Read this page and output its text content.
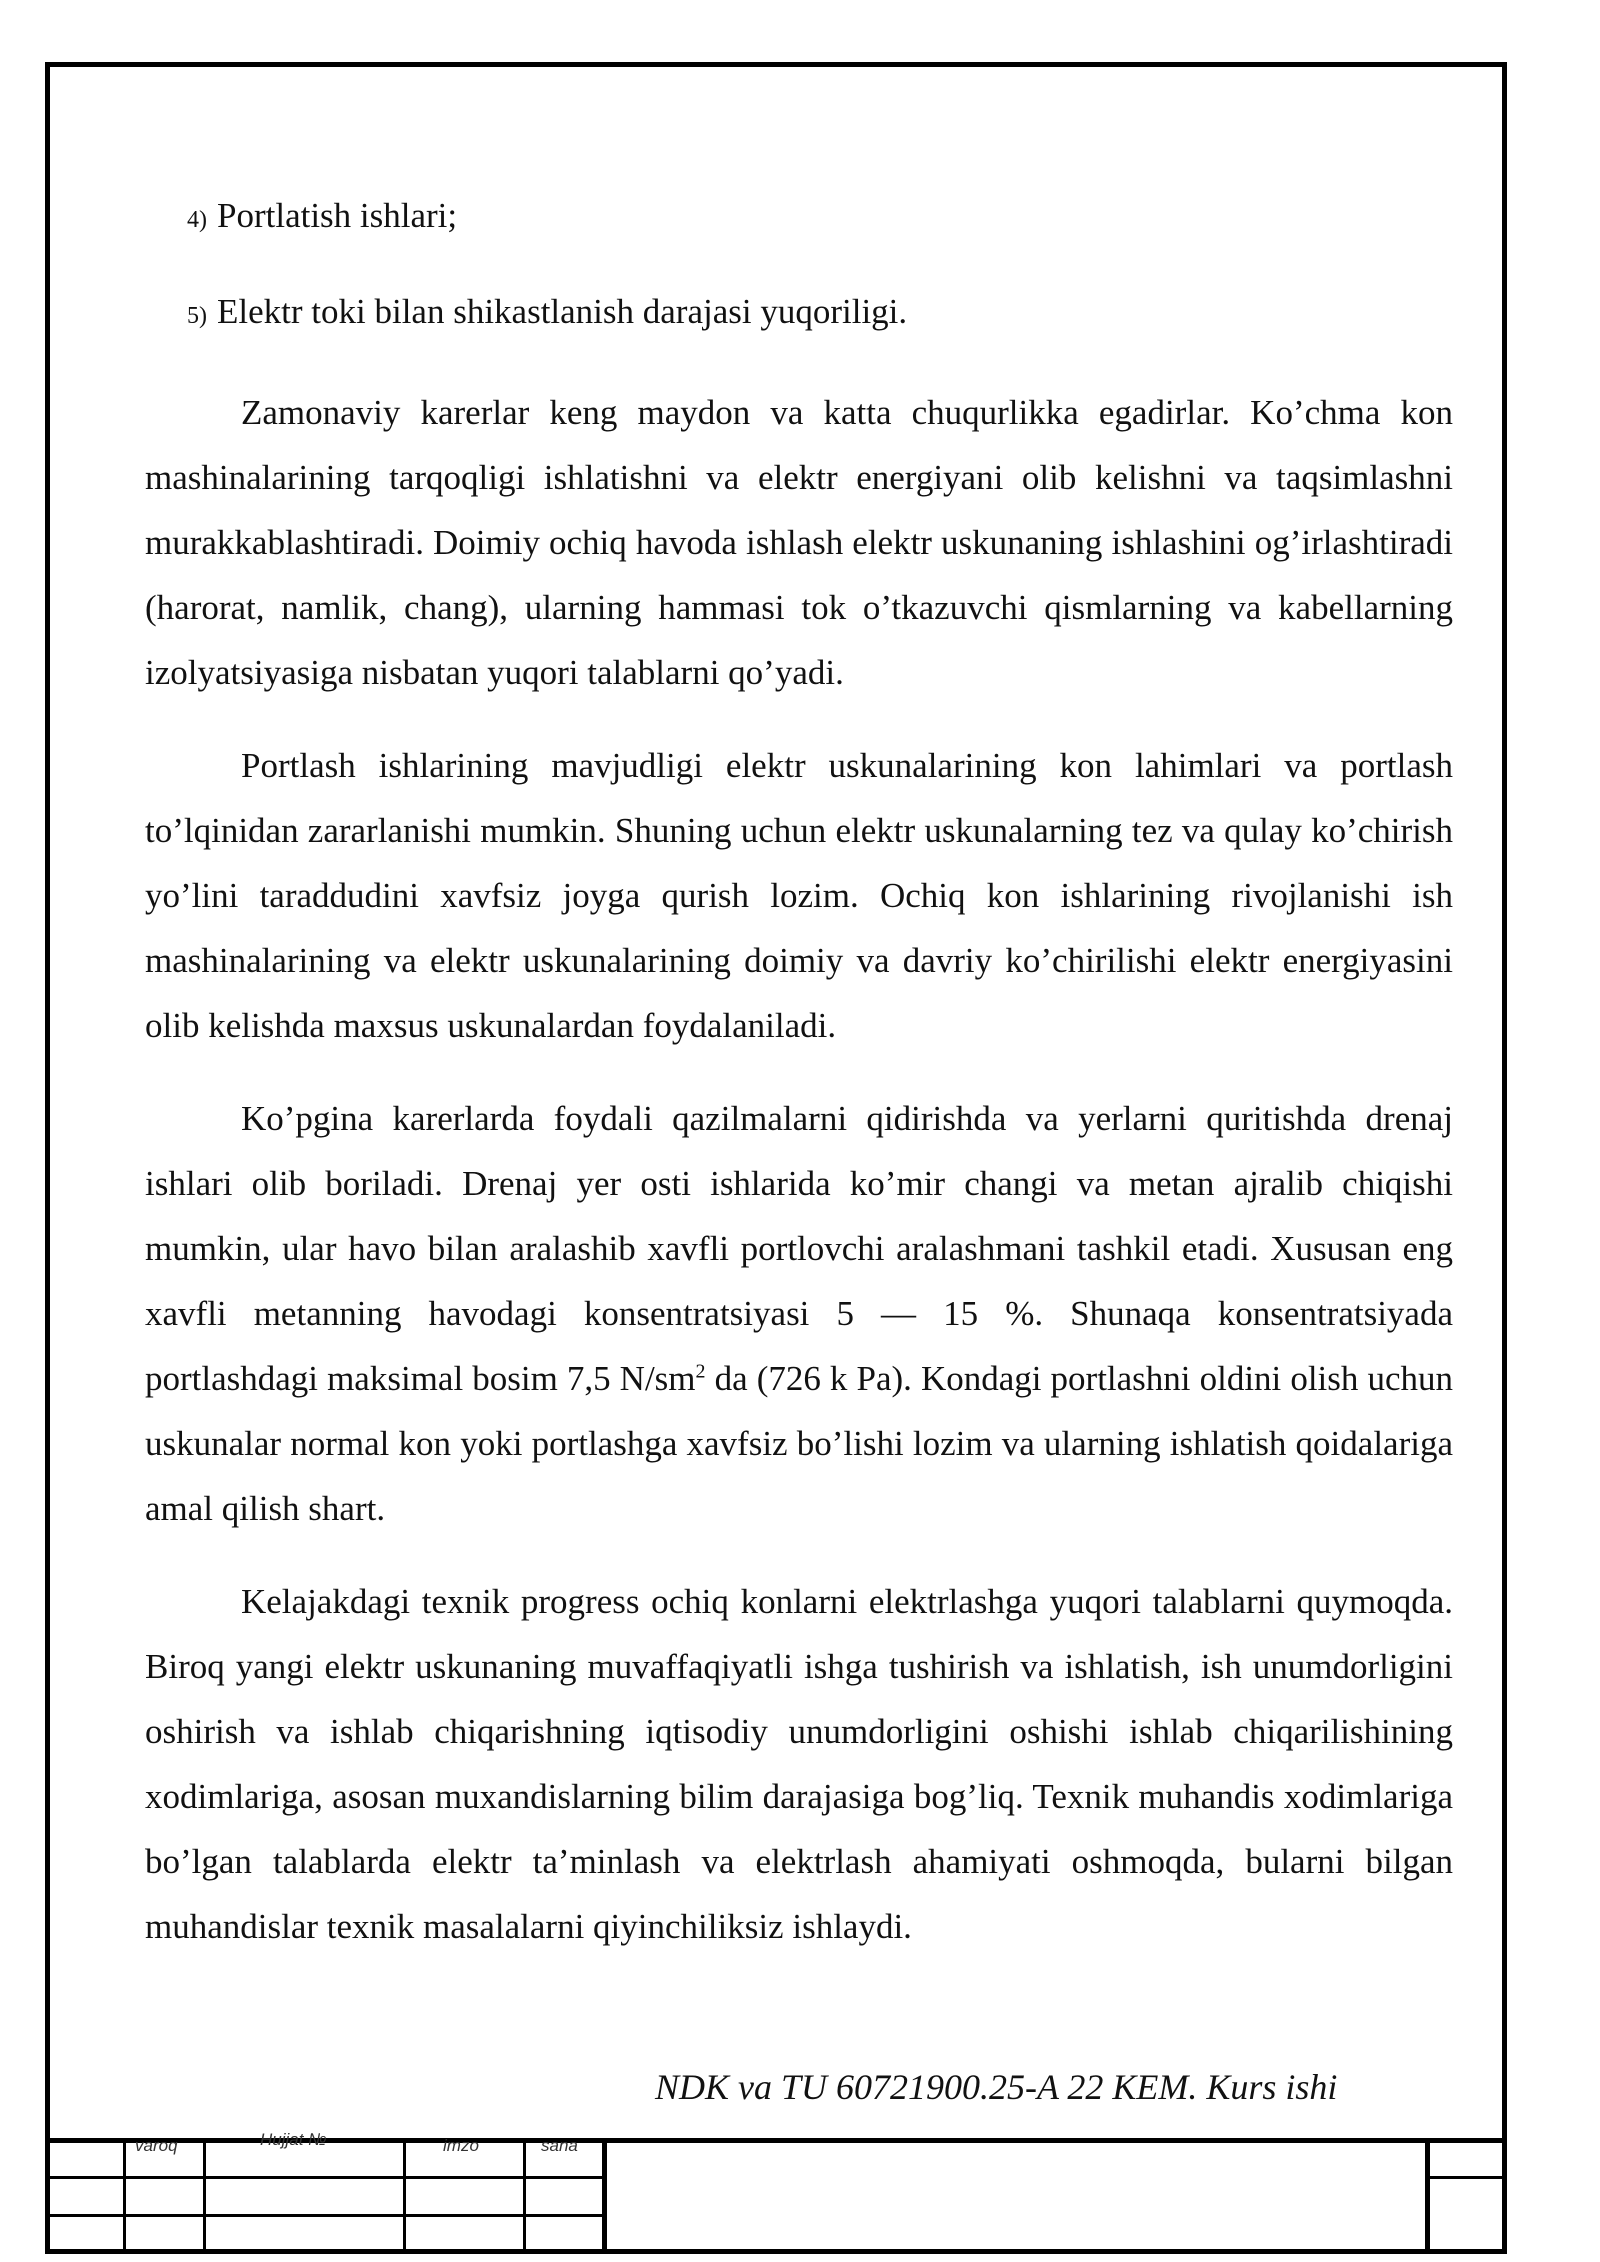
4) Portlatish ishlari;
5) Elektr toki bilan shikastlanish darajasi yuqoriligi.

Zamonaviy karerlar keng maydon va katta chuqurlikka egadirlar. Ko’chma kon mashinalarining tarqoqligi ishlatishni va elektr energiyani olib kelishni va taqsimlashni murakkablashtiradi. Doimiy ochiq havoda ishlash elektr uskunaning ishlashini og’irlashtiradi (harorat, namlik, chang), ularning hammasi tok o’tkazuvchi qismlarning va kabellarning izolyatsiyasiga nisbatan yuqori talablarni qo’yadi.

Portlash ishlarining mavjudligi elektr uskunalarining kon lahimlari va portlash to’lqinidan zararlanishi mumkin. Shuning uchun elektr uskunalarning tez va qulay ko’chirish yo’lini taraddudini xavfsiz joyga qurish lozim. Ochiq kon ishlarining rivojlanishi ish mashinalarining va elektr uskunalarining doimiy va davriy ko’chirilishi elektr energiyasini olib kelishda maxsus uskunalardan foydalaniladi.

Ko’pgina karerlarda foydali qazilmalarni qidirishda va yerlarni quritishda drenaj ishlari olib boriladi. Drenaj yer osti ishlarida ko’mir changi va metan ajralib chiqishi mumkin, ular havo bilan aralashib xavfli portlovchi aralashmani tashkil etadi. Xususan eng xavfli metanning havodagi konsentratsiyasi 5 — 15 %. Shunaqa konsentratsiyada portlashdagi maksimal bosim 7,5 $N/sm^2$ da (726 k Pa). Kondagi portlashni oldini olish uchun uskunalar normal kon yoki portlashga xavfsiz bo’lishi lozim va ularning ishlatish qoidalariga amal qilish shart.

Kelajakdagi texnik progress ochiq konlarni elektrlashga yuqori talablarni quymoqda. Biroq yangi elektr uskunaning muvaffaqiyatli ishga tushirish va ishlatish, ish unumdorligini oshirish va ishlab chiqarishning iqtisodiy unumdorligini oshishi ishlab chiqarilishining xodimlariga, asosan muxandislarning bilim darajasiga bog’liq. Texnik muhandis xodimlariga bo’lgan talablarda elektr ta’minlash va elektrlash ahamiyati oshmoqda, bularni bilgan muhandislar texnik masalalarni qiyinchiliksiz ishlaydi.

NDK va TU 60721900.25-A 22 KEM. Kurs ishi
varoq	Hujjat №	imzo	sana
